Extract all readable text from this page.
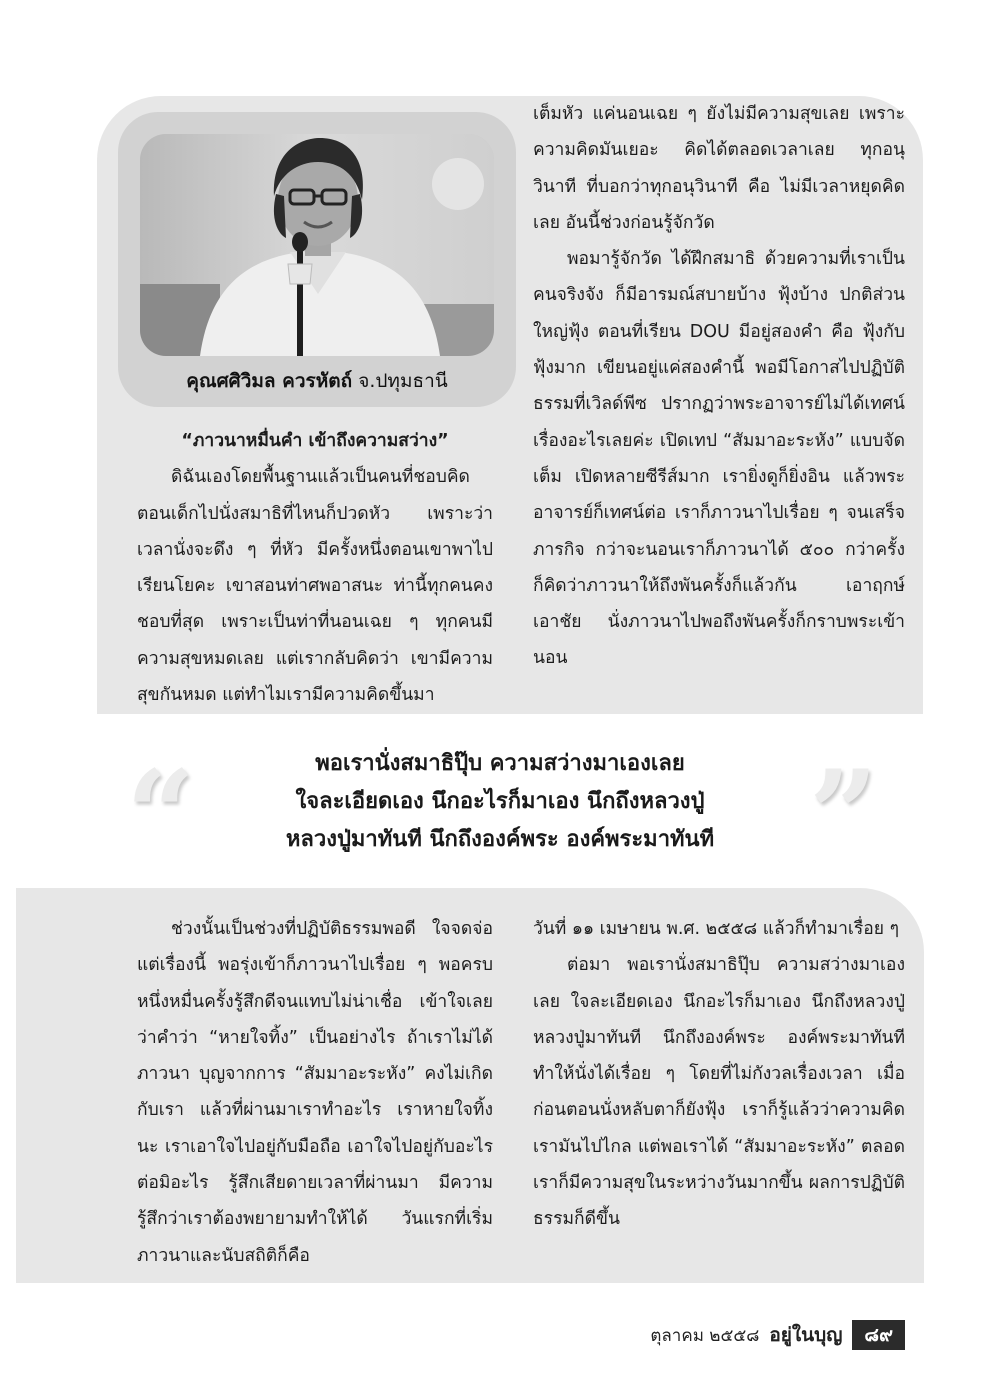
คุณศศิวิมล ควรหัตถ์ จ.ปทุมธานี

“ภาวนาหมื่นคำ เข้าถึงความสว่าง”

ดิฉันเองโดยพื้นฐานแล้วเป็นคนที่ชอบคิด ตอนเด็กไปนั่งสมาธิที่ไหนก็ปวดหัว เพราะว่าเวลานั่งจะดึง ๆ ที่หัว มีครั้งหนึ่งตอนเขาพาไปเรียนโยคะ เขาสอนท่าศพอาสนะ ท่านี้ทุกคนคงชอบที่สุด เพราะเป็นท่าที่นอนเฉย ๆ ทุกคนมีความสุขหมดเลย แต่เรากลับคิดว่า เขามีความสุขกันหมด แต่ทำไมเรามีความคิดขึ้นมา

เต็มหัว แค่นอนเฉย ๆ ยังไม่มีความสุขเลย เพราะความคิดมันเยอะ คิดได้ตลอดเวลาเลย ทุกอนุวินาที ที่บอกว่าทุกอนุวินาที คือ ไม่มีเวลาหยุดคิดเลย อันนี้ช่วงก่อนรู้จักวัด

พอมารู้จักวัด ได้ฝึกสมาธิ ด้วยความที่เราเป็นคนจริงจัง ก็มีอารมณ์สบายบ้าง ฟุ้งบ้าง ปกติส่วนใหญ่ฟุ้ง ตอนที่เรียน DOU มีอยู่สองคำ คือ ฟุ้งกับฟุ้งมาก เขียนอยู่แค่สองคำนี้ พอมีโอกาสไปปฏิบัติธรรมที่เวิลด์พีซ ปรากฏว่าพระอาจารย์ไม่ได้เทศน์เรื่องอะไรเลยค่ะ เปิดเทป “สัมมาอะระหัง” แบบจัดเต็ม เปิดหลายซีรีส์มาก เรายิ่งดูก็ยิ่งอิน แล้วพระอาจารย์ก็เทศน์ต่อ เราก็ภาวนาไปเรื่อย ๆ จนเสร็จภารกิจ กว่าจะนอนเราก็ภาวนาได้ ๕๐๐ กว่าครั้ง ก็คิดว่าภาวนาให้ถึงพันครั้งก็แล้วกัน เอาฤกษ์เอาชัย นั่งภาวนาไปพอถึงพันครั้งก็กราบพระเข้านอน

“	พอเรานั่งสมาธิปุ๊บ ความสว่างมาเองเลย
ใจละเอียดเอง นึกอะไรก็มาเอง นึกถึงหลวงปู่
หลวงปู่มาทันที นึกถึงองค์พระ องค์พระมาทันที ”

ช่วงนั้นเป็นช่วงที่ปฏิบัติธรรมพอดี ใจจดจ่อแต่เรื่องนี้ พอรุ่งเข้าก็ภาวนาไปเรื่อย ๆ พอครบหนึ่งหมื่นครั้งรู้สึกดีจนแทบไม่น่าเชื่อ เข้าใจเลยว่าคำว่า “หายใจทิ้ง” เป็นอย่างไร ถ้าเราไม่ได้ภาวนา บุญจากการ “สัมมาอะระหัง” คงไม่เกิดกับเรา แล้วที่ผ่านมาเราทำอะไร เราหายใจทิ้งนะ เราเอาใจไปอยู่กับมือถือ เอาใจไปอยู่กับอะไรต่อมิอะไร รู้สึกเสียดายเวลาที่ผ่านมา มีความรู้สึกว่าเราต้องพยายามทำให้ได้ วันแรกที่เริ่มภาวนาและนับสถิติก็คือ

วันที่ ๑๑ เมษายน พ.ศ. ๒๕๕๘ แล้วก็ทำมาเรื่อย ๆ

ต่อมา พอเรานั่งสมาธิปุ๊บ ความสว่างมาเองเลย ใจละเอียดเอง นึกอะไรก็มาเอง นึกถึงหลวงปู่ หลวงปู่มาทันที นึกถึงองค์พระ องค์พระมาทันที ทำให้นั่งได้เรื่อย ๆ โดยที่ไม่กังวลเรื่องเวลา เมื่อก่อนตอนนั่งหลับตาก็ยังฟุ้ง เราก็รู้แล้วว่าความคิดเรามันไปไกล แต่พอเราได้ “สัมมาอะระหัง” ตลอด เราก็มีความสุขในระหว่างวันมากขึ้น ผลการปฏิบัติธรรมก็ดีขึ้น

ตุลาคม ๒๕๕๘ อยู่ในบุญ	๘๙
